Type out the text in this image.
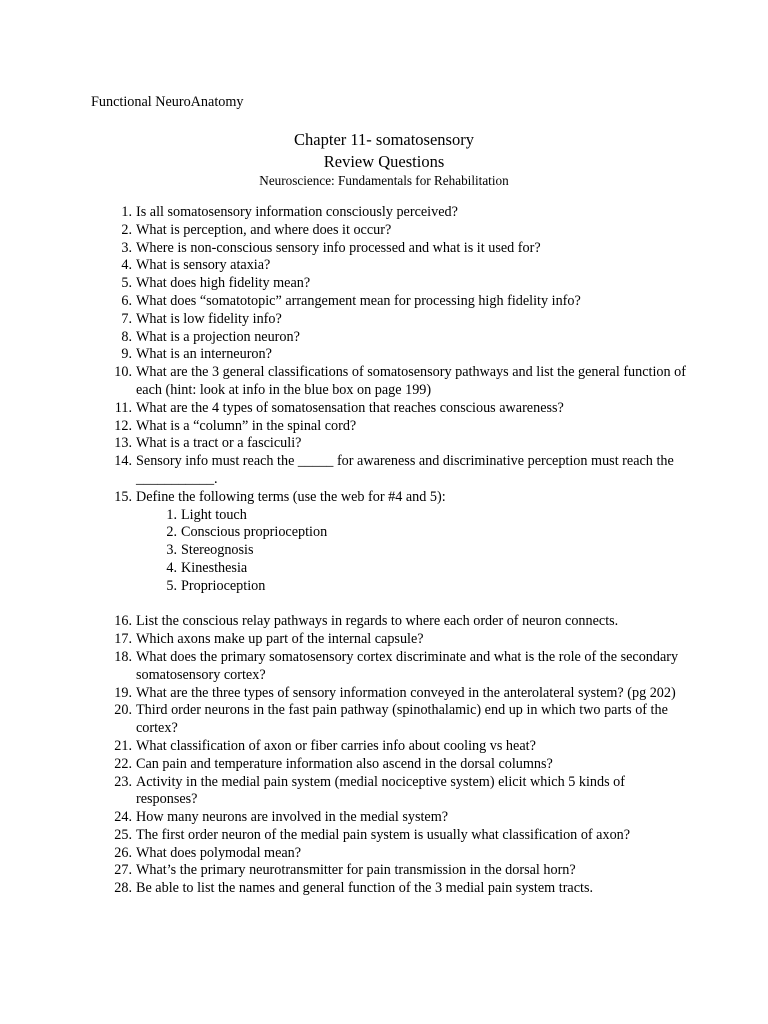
Functional NeuroAnatomy
Chapter 11- somatosensory
Review Questions
Neuroscience: Fundamentals for Rehabilitation
1. Is all somatosensory information consciously perceived?
2. What is perception, and where does it occur?
3. Where is non-conscious sensory info processed and what is it used for?
4. What is sensory ataxia?
5. What does high fidelity mean?
6. What does “somatotopic” arrangement mean for processing high fidelity info?
7. What is low fidelity info?
8. What is a projection neuron?
9. What is an interneuron?
10. What are the 3 general classifications of somatosensory pathways and list the general function of each (hint: look at info in the blue box on page 199)
11. What are the 4 types of somatosensation that reaches conscious awareness?
12. What is a “column” in the spinal cord?
13. What is a tract or a fasciculi?
14. Sensory info must reach the _____ for awareness and discriminative perception must reach the ___________.
15. Define the following terms (use the web for #4 and 5):
1. Light touch
2. Conscious proprioception
3. Stereognosis
4. Kinesthesia
5. Proprioception
16. List the conscious relay pathways in regards to where each order of neuron connects.
17. Which axons make up part of the internal capsule?
18. What does the primary somatosensory cortex discriminate and what is the role of the secondary somatosensory cortex?
19. What are the three types of sensory information conveyed in the anterolateral system? (pg 202)
20. Third order neurons in the fast pain pathway (spinothalamic) end up in which two parts of the cortex?
21. What classification of axon or fiber carries info about cooling vs heat?
22. Can pain and temperature information also ascend in the dorsal columns?
23. Activity in the medial pain system (medial nociceptive system) elicit which 5 kinds of responses?
24. How many neurons are involved in the medial system?
25. The first order neuron of the medial pain system is usually what classification of axon?
26. What does polymodal mean?
27. What’s the primary neurotransmitter for pain transmission in the dorsal horn?
28. Be able to list the names and general function of the 3 medial pain system tracts.
